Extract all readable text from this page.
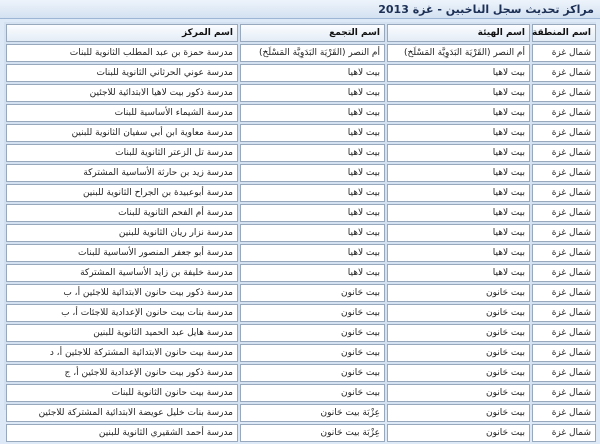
مراكز تحديث سجل الناخبين - غزة 2013
اسم المنطقة	اسم الهيئة	اسم التجمع	اسم المركز
شمال غزة	أم النصر (القَرْيَة البَدَوِيَّة المَسْلَخ)	أم النصر (القَرْيَة البَدَوِيَّة المَسْلَخ)	مدرسة حمزة بن عبد المطلب الثانوية للبنات
شمال غزة	بيت لاهيا	بيت لاهيا	مدرسة عوني الحرثاني الثانوية للبنات
شمال غزة	بيت لاهيا	بيت لاهيا	مدرسة ذكور بيت لاهيا الابتدائية للاجئين
شمال غزة	بيت لاهيا	بيت لاهيا	مدرسة الشيماء الأساسية للبنات
شمال غزة	بيت لاهيا	بيت لاهيا	مدرسة معاوية ابن أبي سفيان الثانوية للبنين
شمال غزة	بيت لاهيا	بيت لاهيا	مدرسة تل الزعتر الثانوية للبنات
شمال غزة	بيت لاهيا	بيت لاهيا	مدرسة زيد بن حارثة الأساسية المشتركة
شمال غزة	بيت لاهيا	بيت لاهيا	مدرسة أبوعبيدة بن الجراح الثانوية للبنين
شمال غزة	بيت لاهيا	بيت لاهيا	مدرسة أم الفحم الثانوية للبنات
شمال غزة	بيت لاهيا	بيت لاهيا	مدرسة نزار ريان الثانوية للبنين
شمال غزة	بيت لاهيا	بيت لاهيا	مدرسة أبو جعفر المنصور الأساسية للبنات
شمال غزة	بيت لاهيا	بيت لاهيا	مدرسة خليفة بن زايد الأساسية المشتركة
شمال غزة	بيت حَانون	بيت حَانون	مدرسة ذكور بيت حانون الابتدائية للاجئين أ، ب
شمال غزة	بيت حَانون	بيت حَانون	مدرسة بنات بيت حانون الإعدادية للاجئات أ، ب
شمال غزة	بيت حَانون	بيت حَانون	مدرسة هايل عبد الحميد الثانوية للبنين
شمال غزة	بيت حَانون	بيت حَانون	مدرسة بيت حانون الابتدائية المشتركة للاجئين أ، د
شمال غزة	بيت حَانون	بيت حَانون	مدرسة ذكور بيت حانون الإعدادية للاجئين أ، ج
شمال غزة	بيت حَانون	بيت حَانون	مدرسة بيت حانون الثانوية للبنات
شمال غزة	بيت حَانون	عِزْبَة بيت حَانون	مدرسة بنات خليل عويضة الابتدائية المشتركة للاجئين
شمال غزة	بيت حَانون	عِزْبَة بيت حَانون	مدرسة أحمد الشقيري الثانوية للبنين
